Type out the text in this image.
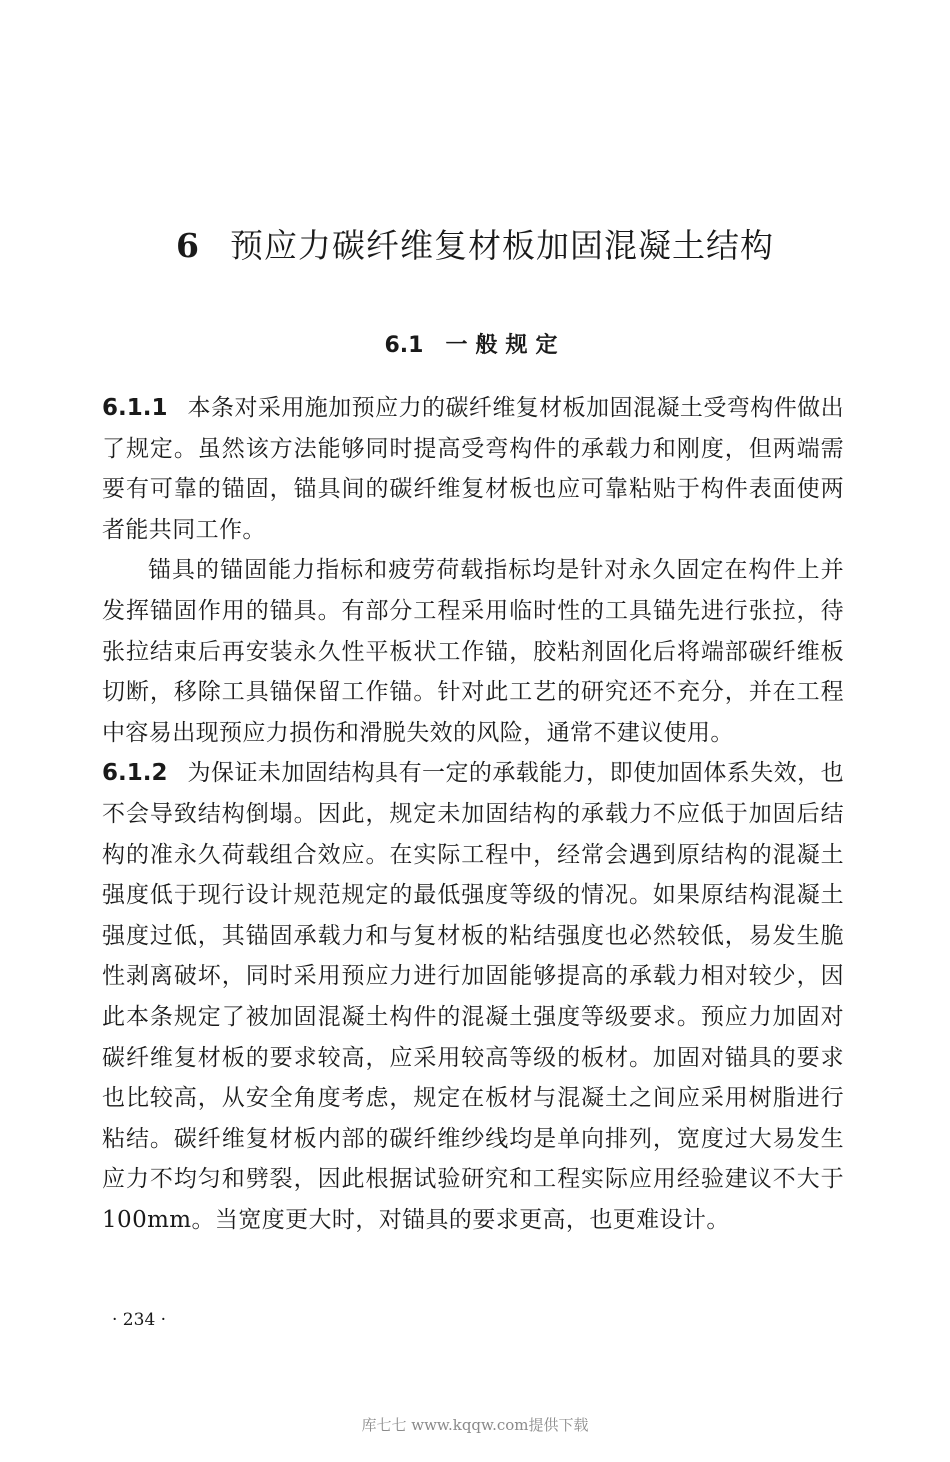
6 预应力碳纤维复材板加固混凝土结构
6.1 一般规定

6.1.1 本条对采用施加预应力的碳纤维复材板加固混凝土受弯构件做出了规定。虽然该方法能够同时提高受弯构件的承载力和刚度，但两端需要有可靠的锚固，锚具间的碳纤维复材板也应可靠粘贴于构件表面使两者能共同工作。

锚具的锚固能力指标和疲劳荷载指标均是针对永久固定在构件上并发挥锚固作用的锚具。有部分工程采用临时性的工具锚先进行张拉，待张拉结束后再安装永久性平板状工作锚，胶粘剂固化后将端部碳纤维板切断，移除工具锚保留工作锚。针对此工艺的研究还不充分，并在工程中容易出现预应力损伤和滑脱失效的风险，通常不建议使用。

6.1.2 为保证未加固结构具有一定的承载能力，即使加固体系失效，也不会导致结构倒塌。因此，规定未加固结构的承载力不应低于加固后结构的准永久荷载组合效应。在实际工程中，经常会遇到原结构的混凝土强度低于现行设计规范规定的最低强度等级的情况。如果原结构混凝土强度过低，其锚固承载力和与复材板的粘结强度也必然较低，易发生脆性剥离破坏，同时采用预应力进行加固能够提高的承载力相对较少，因此本条规定了被加固混凝土构件的混凝土强度等级要求。预应力加固对碳纤维复材板的要求较高，应采用较高等级的板材。加固对锚具的要求也比较高，从安全角度考虑，规定在板材与混凝土之间应采用树脂进行粘结。碳纤维复材板内部的碳纤维纱线均是单向排列，宽度过大易发生应力不均匀和劈裂，因此根据试验研究和工程实际应用经验建议不大于100mm。当宽度更大时，对锚具的要求更高，也更难设计。

· 234 ·
库七七 www.kqqw.com提供下载
